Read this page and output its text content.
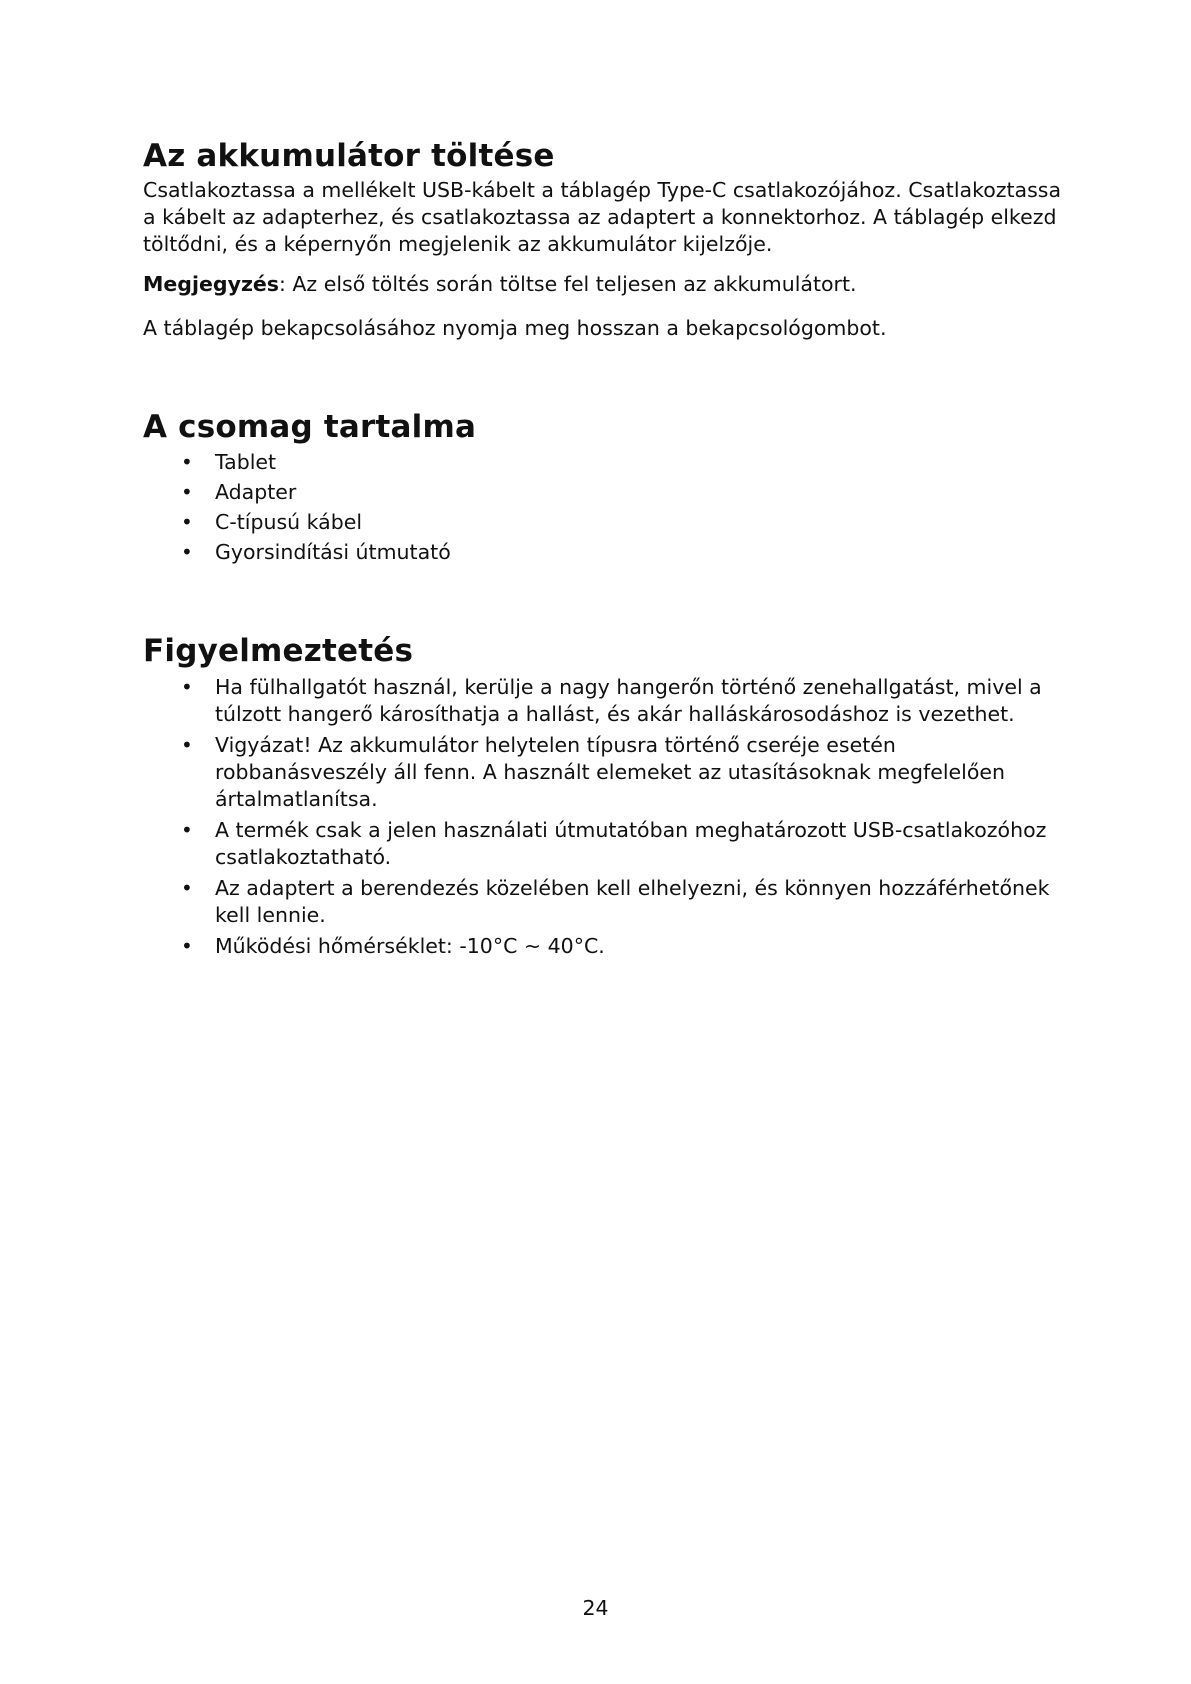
Az akkumulátor töltése

Csatlakoztassa a mellékelt USB-kábelt a táblagép Type-C csatlakozójához. Csatlakoztassa a kábelt az adapterhez, és csatlakoztassa az adaptert a konnektorhoz. A táblagép elkezd töltődni, és a képernyőn megjelenik az akkumulátor kijelzője.

Megjegyzés: Az első töltés során töltse fel teljesen az akkumulátort.

A táblagép bekapcsolásához nyomja meg hosszan a bekapcsológombot.

A csomag tartalma
• Tablet
• Adapter
• C-típusú kábel
• Gyorsindítási útmutató
Figyelmeztetés
• Ha fülhallgatót használ, kerülje a nagy hangerőn történő zenehallgatást, mivel a túlzott hangerő károsíthatja a hallást, és akár halláskárosodáshoz is vezethet.
• Vigyázat! Az akkumulátor helytelen típusra történő cseréje esetén robbanásveszély áll fenn. A használt elemeket az utasításoknak megfelelően ártalmatlanítsa.
• A termék csak a jelen használati útmutatóban meghatározott USB-csatlakozóhoz csatlakoztatható.
• Az adaptert a berendezés közelében kell elhelyezni, és könnyen hozzáférhetőnek kell lennie.
• Működési hőmérséklet: -10°C ~ 40°C.
24
